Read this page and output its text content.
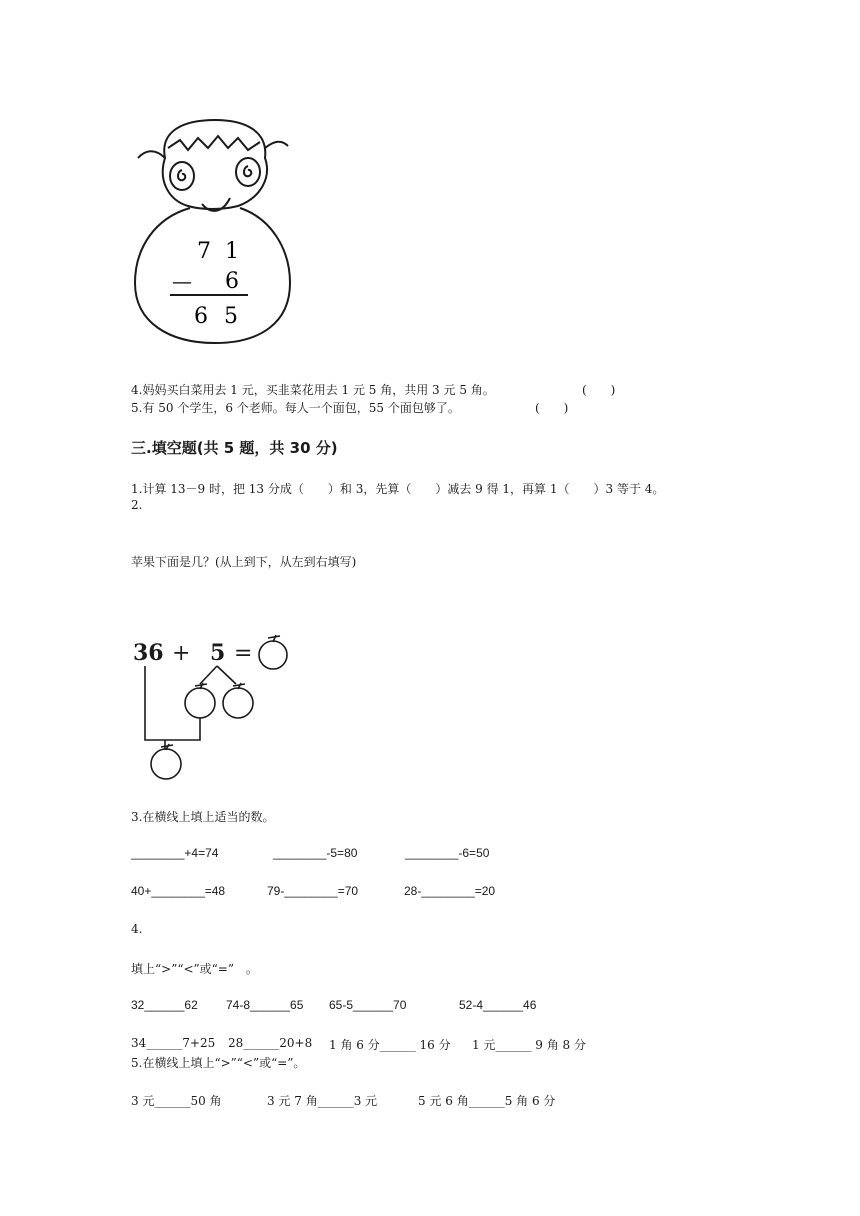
7 1
— 6
6 5
4.妈妈买白菜用去 1 元，买韭菜花用去 1 元 5 角，共用 3 元 5 角。	(　　)
5.有 50 个学生，6 个老师。每人一个面包，55 个面包够了。	(　　)
三.填空题(共 5 题，共 30 分)
1.计算 13－9 时，把 13 分成（　　）和 3，先算（　　）减去 9 得 1，再算 1（　　）3 等于 4。
2.
苹果下面是几？(从上到下，从左到右填写)
36 + 5 =
3.在横线上填上适当的数。
________+4=74	________-5=80	________-6=50
40+________=48	79-________=70	28-________=20
4.
填上“>”“<”或“=”　。
32______62 74-8______65 65-5______70	52-4______46
34______7+25 28______20+8 1 角 6 分______ 16 分 1 元______ 9 角 8 分
5.在横线上填上“>”“<”或“=”。
3 元______50 角	3 元 7 角______3 元	5 元 6 角______5 角 6 分
